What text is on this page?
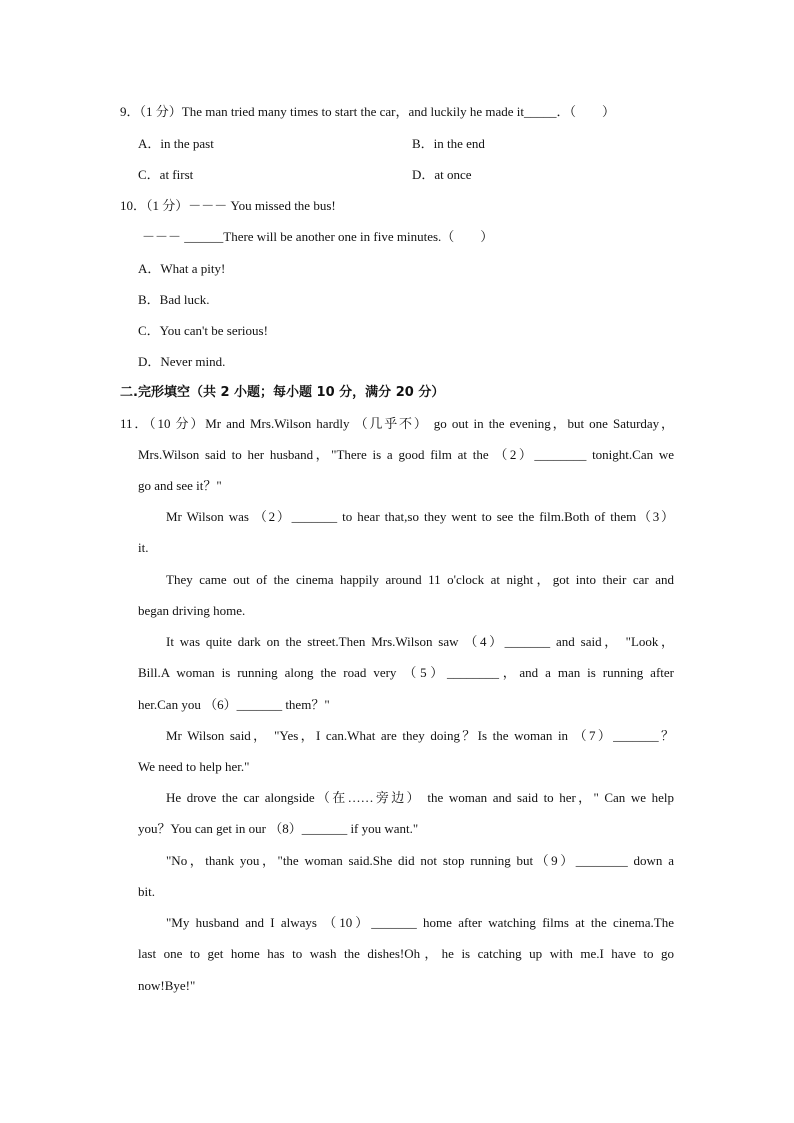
9．（1 分）The man tried many times to start the car，and luckily he made it_____．（　　）
A．in the past	B．in the end
C．at first	D．at once
10．（1 分）－－－ You missed the bus!
－－－ ______There will be another one in five minutes.（　　）
A．What a pity!
B．Bad luck.
C．You can't be serious!
D．Never mind.
二.完形填空（共 2 小题；每小题 10 分，满分 20 分）
11．（10 分）Mr and Mrs.Wilson hardly （几乎不） go out in the evening，but one Saturday，
Mrs.Wilson said to her husband，"There is a good film at the （2）________ tonight.Can we
go and see it？"
Mr Wilson was （2）_______ to hear that,so they went to see the film.Both of them（3）
it.
They came out of the cinema happily around 11 o'clock at night，got into their car and
began driving home.
It was quite dark on the street.Then Mrs.Wilson saw （4）_______ and said， "Look，
Bill.A woman is running along the road very （5）________，and a man is running after
her.Can you （6）_______ them？"
Mr Wilson said， "Yes，I can.What are they doing？Is the woman in （7）_______？
We need to help her."
He drove the car alongside（在……旁边） the woman and said to her，" Can we help
you？You can get in our （8）_______ if you want."
"No，thank you，"the woman said.She did not stop running but（9）________ down a
bit.
"My husband and I always （10）_______ home after watching films at the cinema.The
last one to get home has to wash the dishes!Oh，he is catching up with me.I have to go
now!Bye!"
